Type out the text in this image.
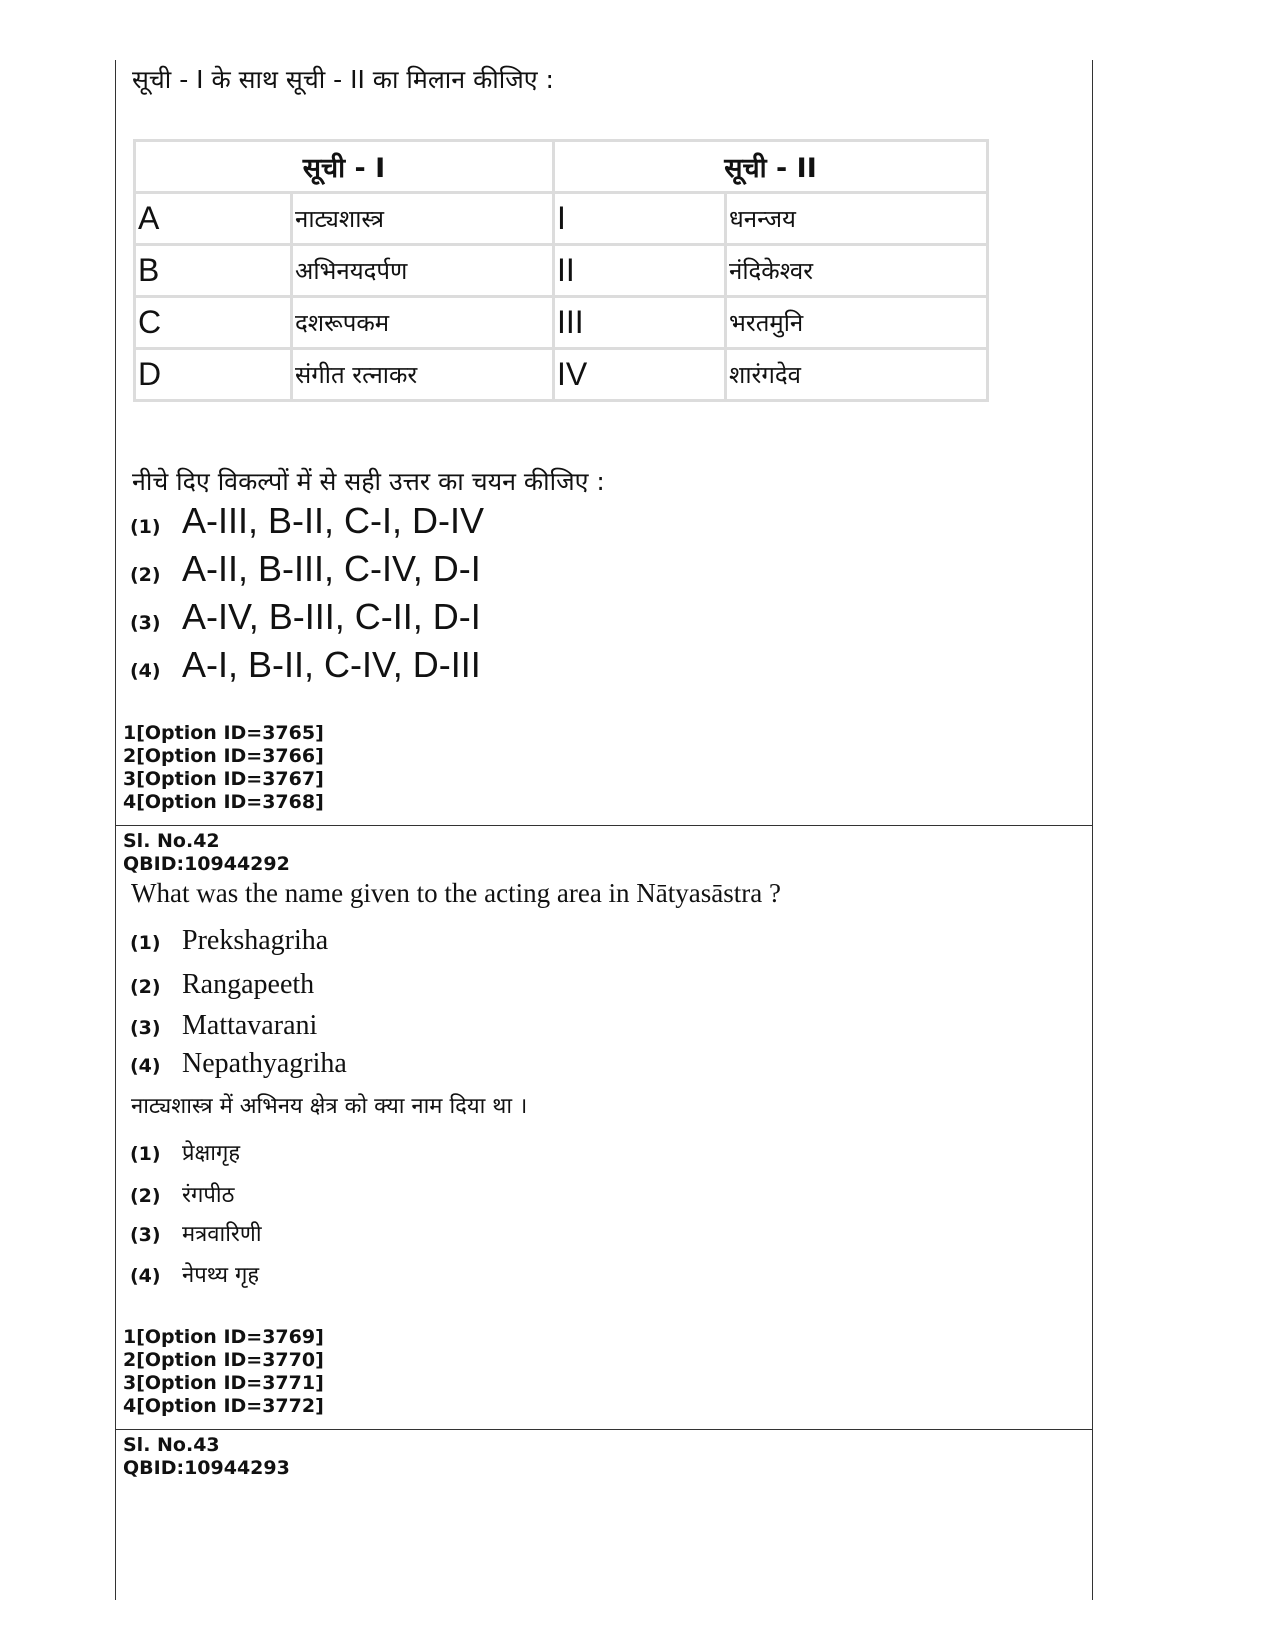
सूची - I के साथ सूची - II का मिलान कीजिए :
सूची - I		सूची - II	
A	नाट्यशास्त्र	I	धनन्जय
B	अभिनयदर्पण	II	नंदिकेश्वर
C	दशरूपकम	III	भरतमुनि
D	संगीत रत्नाकर	IV	शारंगदेव
नीचे दिए विकल्पों में से सही उत्तर का चयन कीजिए :
(1) A-III, B-II, C-I, D-IV
(2) A-II, B-III, C-IV, D-I
(3) A-IV, B-III, C-II, D-I
(4) A-I, B-II, C-IV, D-III
1[Option ID=3765]
2[Option ID=3766]
3[Option ID=3767]
4[Option ID=3768]
Sl. No.42
QBID:10944292
What was the name given to the acting area in Nātyasāstra ?
(1) Prekshagriha
(2) Rangapeeth
(3) Mattavarani
(4) Nepathyagriha
नाट्यशास्त्र में अभिनय क्षेत्र को क्या नाम दिया था ।
(1) प्रेक्षागृह
(2) रंगपीठ
(3) मत्रवारिणी
(4) नेपथ्य गृह
1[Option ID=3769]
2[Option ID=3770]
3[Option ID=3771]
4[Option ID=3772]
Sl. No.43
QBID:10944293
